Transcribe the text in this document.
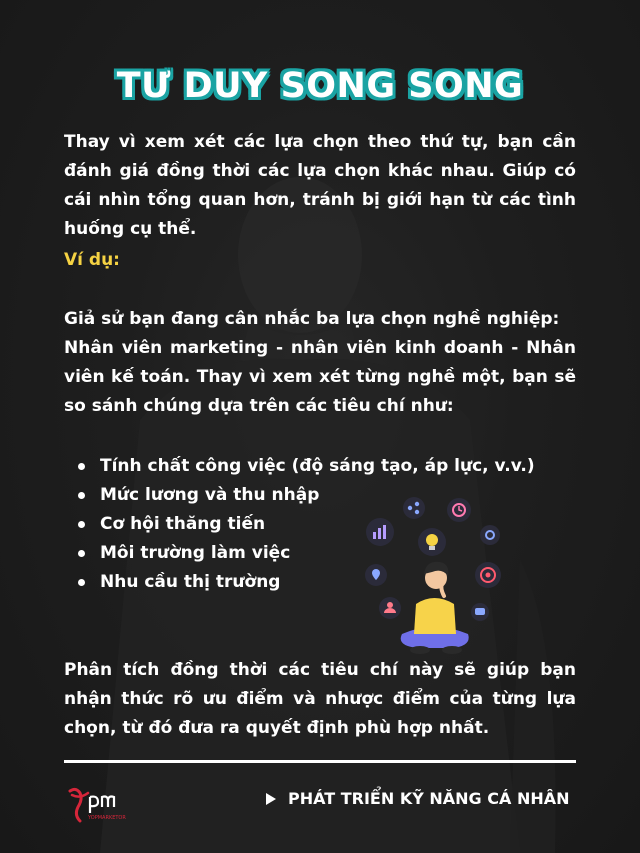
TƯ DUY SONG SONG
Thay vì xem xét các lựa chọn theo thứ tự, bạn cần đánh giá đồng thời các lựa chọn khác nhau. Giúp có cái nhìn tổng quan hơn, tránh bị giới hạn từ các tình huống cụ thể.
Ví dụ:
Giả sử bạn đang cân nhắc ba lựa chọn nghề nghiệp:
Nhân viên marketing - nhân viên kinh doanh - Nhân viên kế toán. Thay vì xem xét từng nghề một, bạn sẽ so sánh chúng dựa trên các tiêu chí như:
Tính chất công việc (độ sáng tạo, áp lực, v.v.)
Mức lương và thu nhập
Cơ hội thăng tiến
Môi trường làm việc
Nhu cầu thị trường
Phân tích đồng thời các tiêu chí này sẽ giúp bạn nhận thức rõ ưu điểm và nhược điểm của từng lựa chọn, từ đó đưa ra quyết định phù hợp nhất.
YOPMARKETOR
PHÁT TRIỂN KỸ NĂNG CÁ NHÂN
